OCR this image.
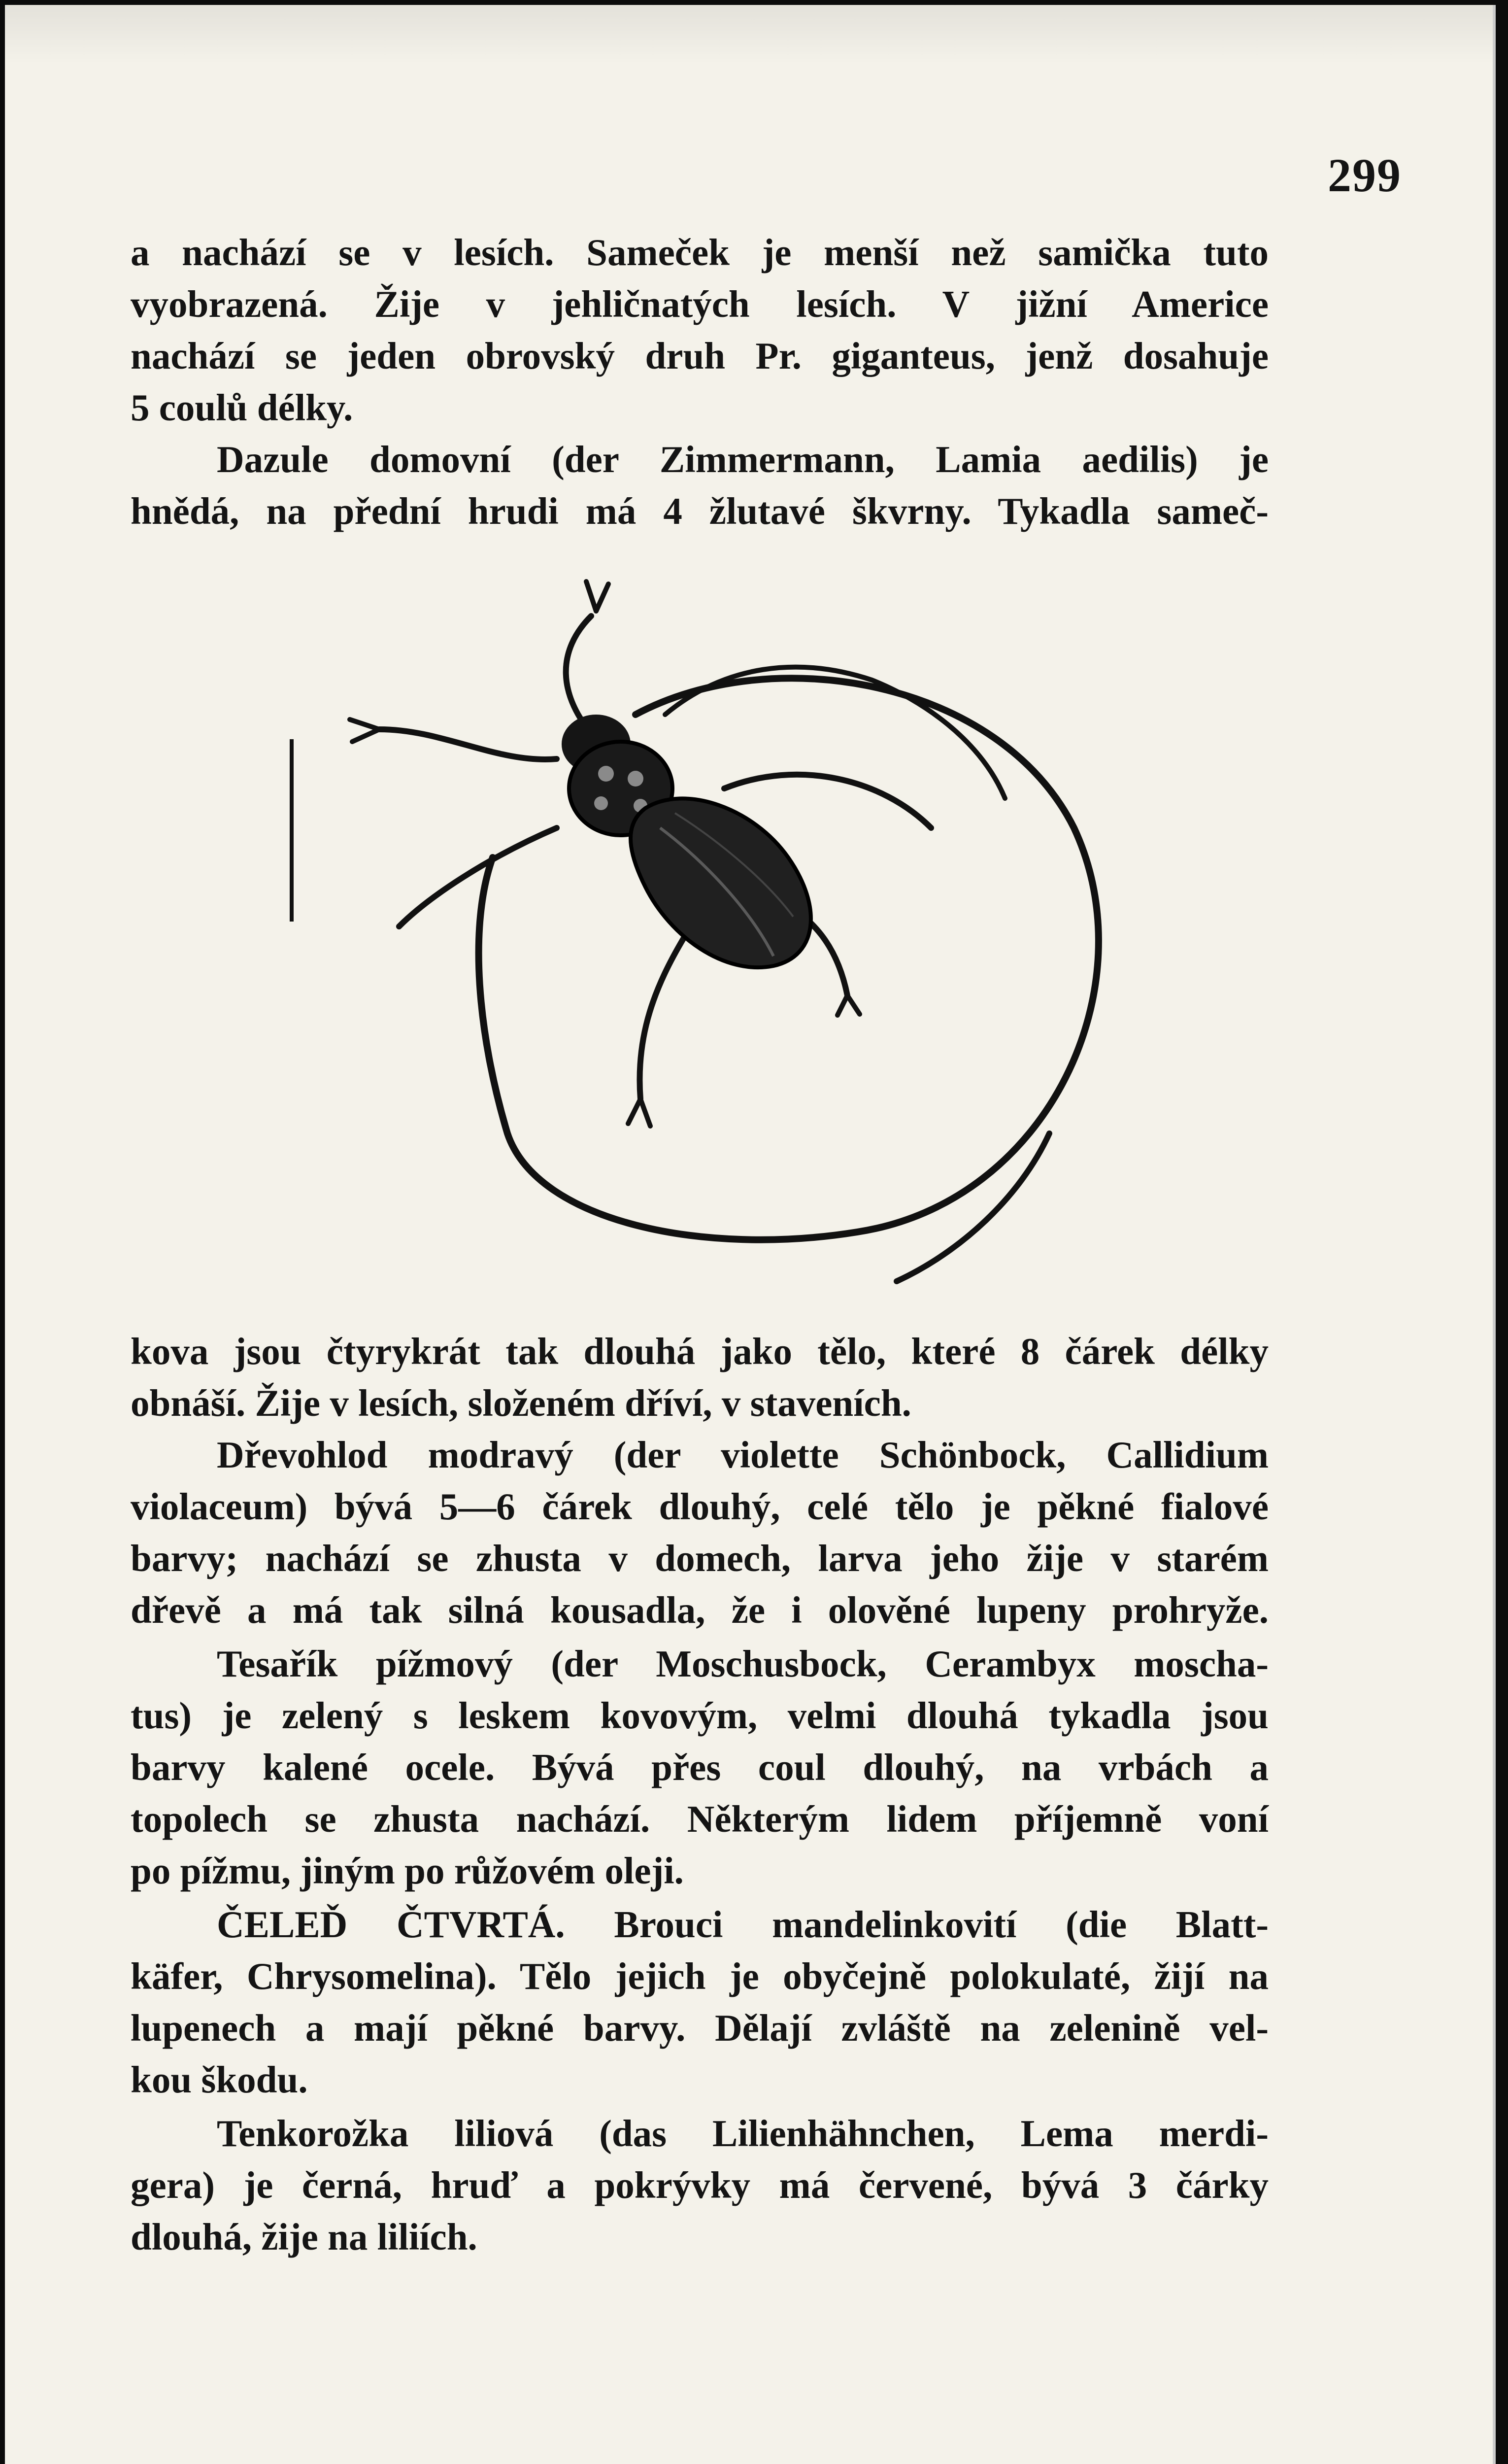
299

a nachází se v lesích. Sameček je menší než samička tuto

vyobrazená. Žije v jehličnatých lesích. V jižní Americe

nachází se jeden obrovský druh Pr. giganteus, jenž dosahuje

5 coulů délky.

Dazule domovní (der Zimmermann, Lamia aedilis) je

hnědá, na přední hrudi má 4 žlutavé škvrny. Tykadla sameč-

kova jsou čtyrykrát tak dlouhá jako tělo, které 8 čárek délky

obnáší. Žije v lesích, složeném dříví, v staveních.

Dřevohlod modravý (der violette Schönbock, Callidium

violaceum) bývá 5—6 čárek dlouhý, celé tělo je pěkné fialové

barvy; nachází se zhusta v domech, larva jeho žije v starém

dřevě a má tak silná kousadla, že i olověné lupeny prohryže.

Tesařík pížmový (der Moschusbock, Cerambyx moscha-

tus) je zelený s leskem kovovým, velmi dlouhá tykadla jsou

barvy kalené ocele. Bývá přes coul dlouhý, na vrbách a

topolech se zhusta nachází. Některým lidem příjemně voní

po pížmu, jiným po růžovém oleji.

ČELEĎ ČTVRTÁ. Brouci mandelinkovití (die Blatt-

käfer, Chrysomelina). Tělo jejich je obyčejně polokulaté, žijí na

lupenech a mají pěkné barvy. Dělají zvláště na zelenině vel-

kou škodu.

Tenkorožka liliová (das Lilienhähnchen, Lema merdi-

gera) je černá, hruď a pokrývky má červené, bývá 3 čárky

dlouhá, žije na liliích.
